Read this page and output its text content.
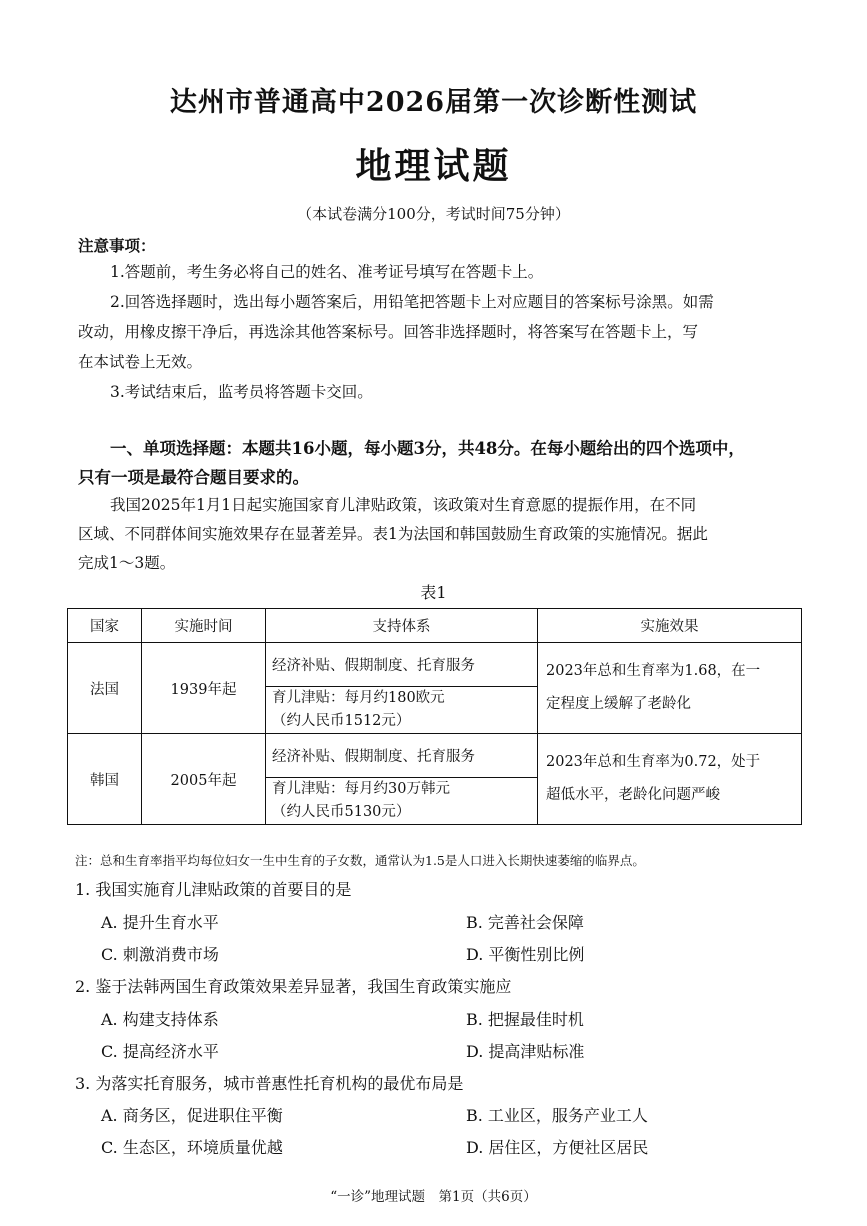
达州市普通高中2026届第一次诊断性测试
地理试题
（本试卷满分100分，考试时间75分钟）
注意事项：
1.答题前，考生务必将自己的姓名、准考证号填写在答题卡上。
2.回答选择题时，选出每小题答案后，用铅笔把答题卡上对应题目的答案标号涂黑。如需
改动，用橡皮擦干净后，再选涂其他答案标号。回答非选择题时，将答案写在答题卡上，写
在本试卷上无效。
3.考试结束后，监考员将答题卡交回。
一、单项选择题：本题共16小题，每小题3分，共48分。在每小题给出的四个选项中，
只有一项是最符合题目要求的。
我国2025年1月1日起实施国家育儿津贴政策，该政策对生育意愿的提振作用，在不同
区域、不同群体间实施效果存在显著差异。表1为法国和韩国鼓励生育政策的实施情况。据此
完成1～3题。
表1
国家	实施时间	支持体系	实施效果
法国	1939年起	经济补贴、假期制度、托育服务	2023年总和生育率为1.68，在一
定程度上缓解了老龄化
		育儿津贴：每月约180欧元
（约人民币1512元）	
韩国	2005年起	经济补贴、假期制度、托育服务	2023年总和生育率为0.72，处于
超低水平，老龄化问题严峻
		育儿津贴：每月约30万韩元
（约人民币5130元）	
注：总和生育率指平均每位妇女一生中生育的子女数，通常认为1.5是人口进入长期快速萎缩的临界点。
1. 我国实施育儿津贴政策的首要目的是
A. 提升生育水平	B. 完善社会保障
C. 刺激消费市场	D. 平衡性别比例
2. 鉴于法韩两国生育政策效果差异显著，我国生育政策实施应
A. 构建支持体系	B. 把握最佳时机
C. 提高经济水平	D. 提高津贴标准
3. 为落实托育服务，城市普惠性托育机构的最优布局是
A. 商务区，促进职住平衡	B. 工业区，服务产业工人
C. 生态区，环境质量优越	D. 居住区，方便社区居民
“一诊”地理试题　第1页（共6页）
